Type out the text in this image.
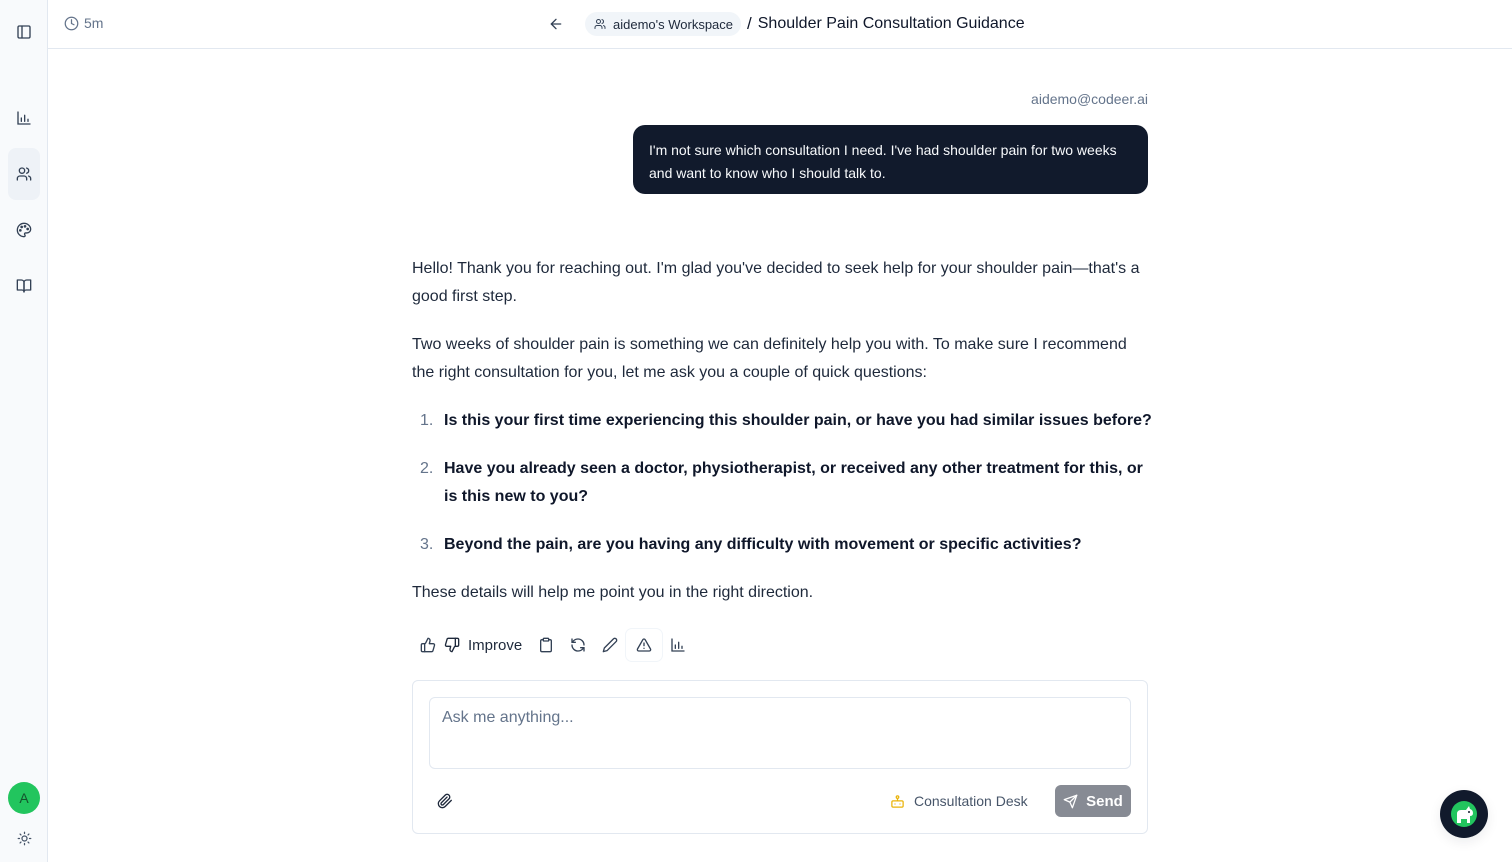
A
5m	aidemo's Workspace / Shoulder Pain Consultation Guidance
aidemo@codeer.ai
I'm not sure which consultation I need. I've had shoulder pain for two weeks and want to know who I should talk to.

Hello! Thank you for reaching out. I'm glad you've decided to seek help for your shoulder pain—that's a good first step.

Two weeks of shoulder pain is something we can definitely help you with. To make sure I recommend the right consultation for you, let me ask you a couple of quick questions:

1. Is this your first time experiencing this shoulder pain, or have you had similar issues before?
2. Have you already seen a doctor, physiotherapist, or received any other treatment for this, or is this new to you?
3. Beyond the pain, are you having any difficulty with movement or specific activities?

These details will help me point you in the right direction.

Improve
Ask me anything...
Consultation Desk	Send
